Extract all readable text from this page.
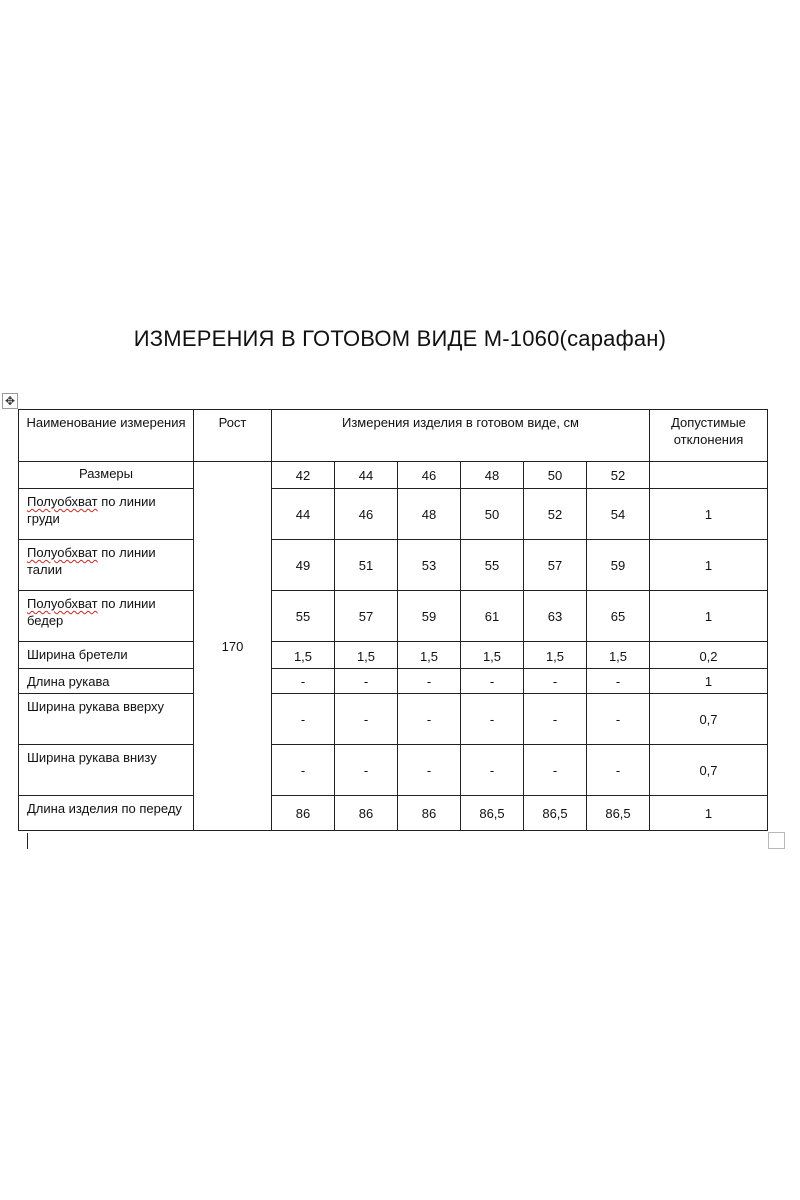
ИЗМЕРЕНИЯ В ГОТОВОМ ВИДЕ М-1060(сарафан)
✥
Наименование измерения	Рост	Измерения изделия в готовом виде, см						Допустимые отклонения
Размеры	170	42	44	46	48	50	52	
Полуобхват по линии груди		44	46	48	50	52	54	1
Полуобхват по линии талии		49	51	53	55	57	59	1
Полуобхват по линии бедер		55	57	59	61	63	65	1
Ширина бретели		1,5	1,5	1,5	1,5	1,5	1,5	0,2
Длина рукава		-	-	-	-	-	-	1
Ширина рукава вверху		-	-	-	-	-	-	0,7
Ширина рукава внизу		-	-	-	-	-	-	0,7
Длина изделия по переду		86	86	86	86,5	86,5	86,5	1
